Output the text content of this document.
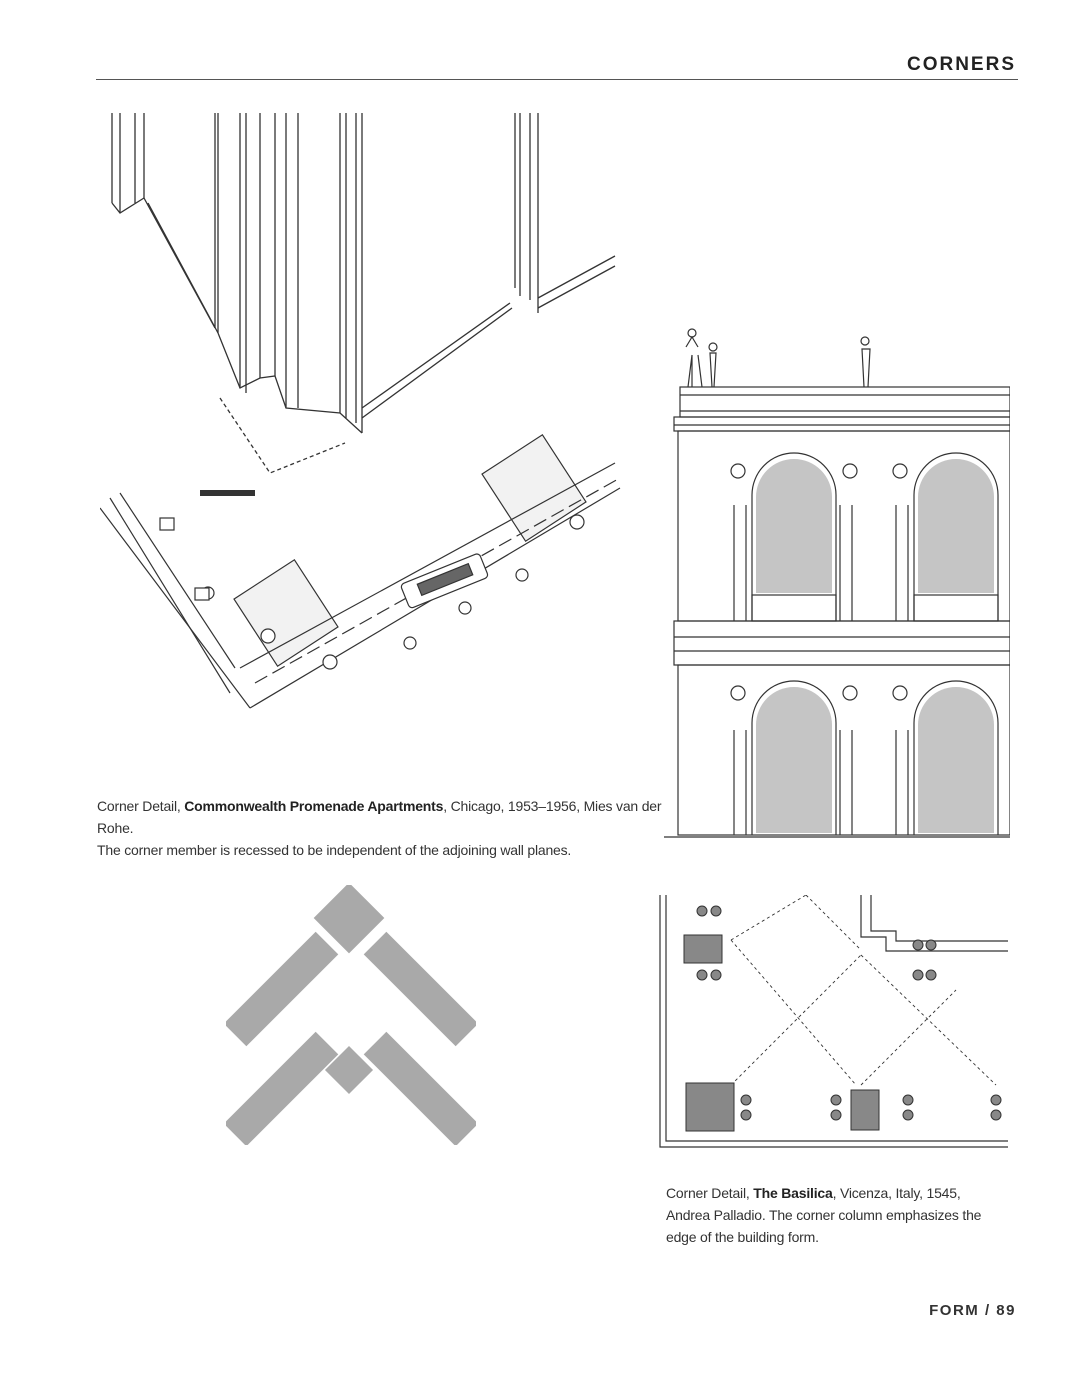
CORNERS
Corner Detail, Commonwealth Promenade Apartments, Chicago, 1953–1956, Mies van der Rohe.
The corner member is recessed to be independent of the adjoining wall planes.
Corner Detail, The Basilica, Vicenza, Italy, 1545,
Andrea Palladio. The corner column emphasizes the
edge of the building form.
FORM / 89
